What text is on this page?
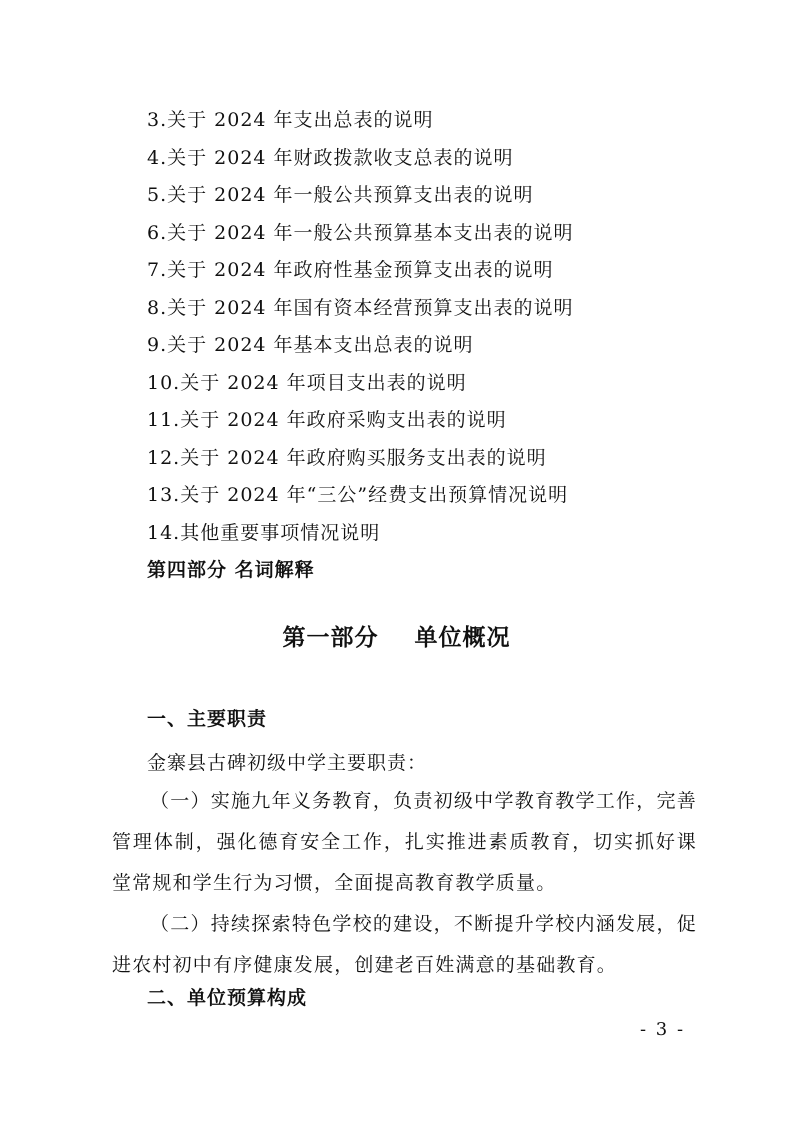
3.关于 2024 年支出总表的说明
4.关于 2024 年财政拨款收支总表的说明
5.关于 2024 年一般公共预算支出表的说明
6.关于 2024 年一般公共预算基本支出表的说明
7.关于 2024 年政府性基金预算支出表的说明
8.关于 2024 年国有资本经营预算支出表的说明
9.关于 2024 年基本支出总表的说明
10.关于 2024 年项目支出表的说明
11.关于 2024 年政府采购支出表的说明
12.关于 2024 年政府购买服务支出表的说明
13.关于 2024 年“三公”经费支出预算情况说明
14.其他重要事项情况说明
第四部分 名词解释
第一部分    单位概况
一、主要职责
金寨县古碑初级中学主要职责：
（一）实施九年义务教育，负责初级中学教育教学工作，完善管理体制，强化德育安全工作，扎实推进素质教育，切实抓好课堂常规和学生行为习惯，全面提高教育教学质量。
（二）持续探索特色学校的建设，不断提升学校内涵发展，促进农村初中有序健康发展，创建老百姓满意的基础教育。
二、单位预算构成
- 3 -
